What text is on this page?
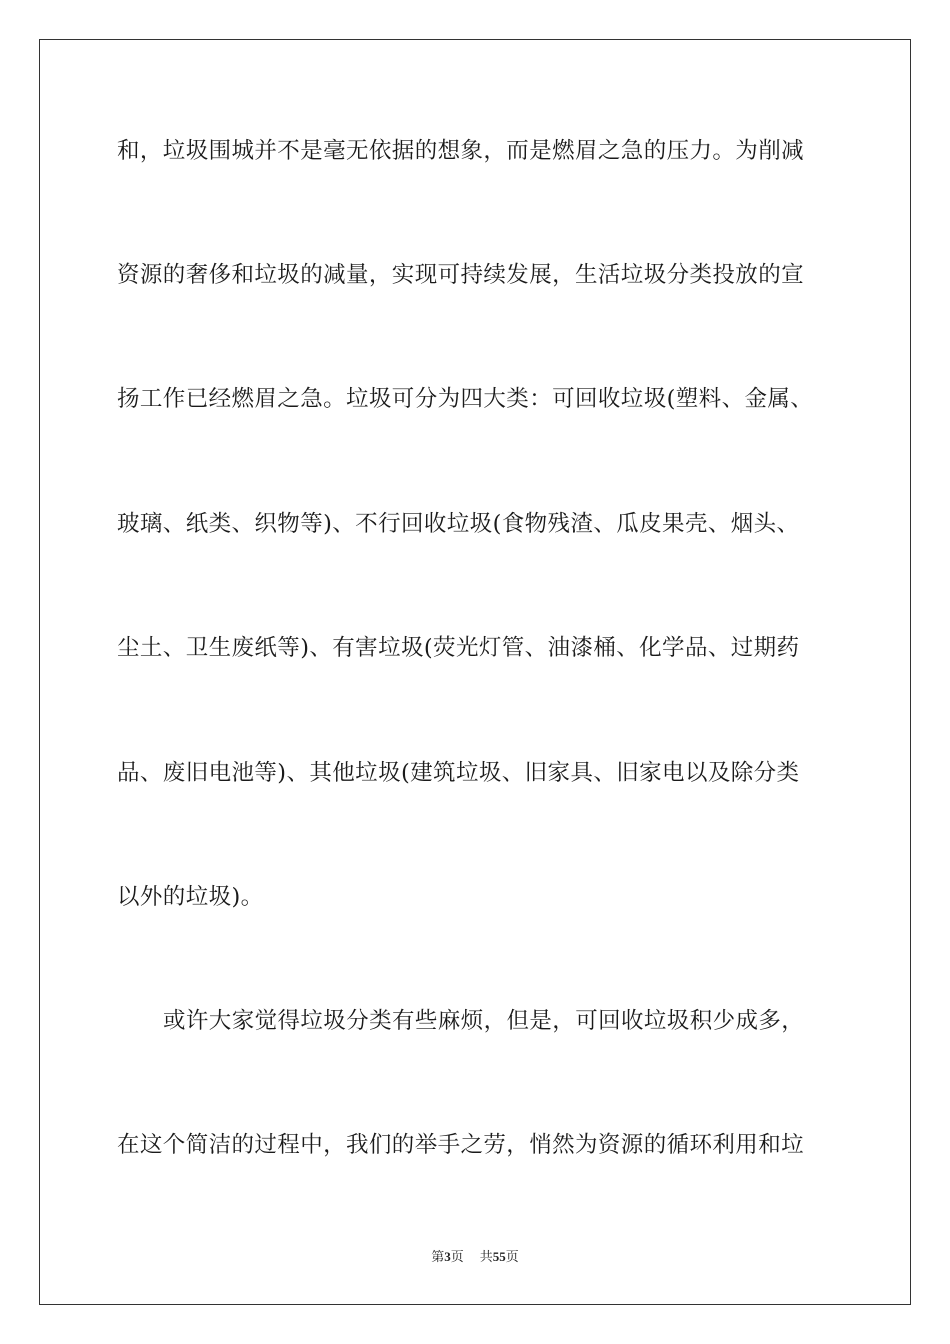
和，垃圾围城并不是毫无依据的想象，而是燃眉之急的压力。为削减
资源的奢侈和垃圾的减量，实现可持续发展，生活垃圾分类投放的宣
扬工作已经燃眉之急。垃圾可分为四大类：可回收垃圾(塑料、金属、
玻璃、纸类、织物等)、不行回收垃圾(食物残渣、瓜皮果壳、烟头、
尘土、卫生废纸等)、有害垃圾(荧光灯管、油漆桶、化学品、过期药
品、废旧电池等)、其他垃圾(建筑垃圾、旧家具、旧家电以及除分类
以外的垃圾)。
或许大家觉得垃圾分类有些麻烦，但是，可回收垃圾积少成多，
在这个简洁的过程中，我们的举手之劳，悄然为资源的循环利用和垃
第3页 共55页
